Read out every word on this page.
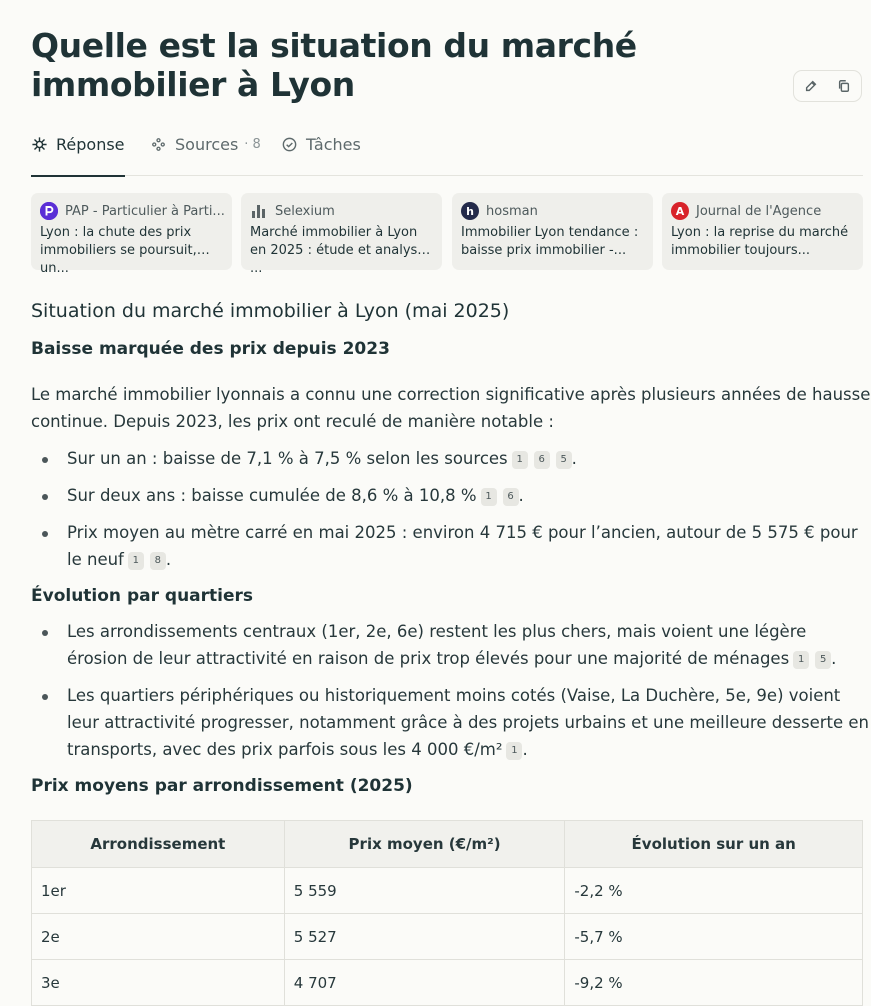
Quelle est la situation du marché immobilier à Lyon
Réponse	Sources · 8	Tâches
PAP - Particulier à Parti...
Lyon : la chute des prix immobiliers se poursuit, un...
Selexium
Marché immobilier à Lyon en 2025 : étude et analyse ...
h hosman
Immobilier Lyon tendance : baisse prix immobilier -...
A Journal de l'Agence
Lyon : la reprise du marché immobilier toujours...
Situation du marché immobilier à Lyon (mai 2025)
Baisse marquée des prix depuis 2023

Le marché immobilier lyonnais a connu une correction significative après plusieurs années de hausse continue. Depuis 2023, les prix ont reculé de manière notable :

Sur un an : baisse de 7,1 % à 7,5 % selon les sources 1 6 5 .
Sur deux ans : baisse cumulée de 8,6 % à 10,8 % 1 6 .
Prix moyen au mètre carré en mai 2025 : environ 4 715 € pour l’ancien, autour de 5 575 € pour le neuf 1 8 .
Évolution par quartiers
Les arrondissements centraux (1er, 2e, 6e) restent les plus chers, mais voient une légère érosion de leur attractivité en raison de prix trop élevés pour une majorité de ménages 1 5 .
Les quartiers périphériques ou historiquement moins cotés (Vaise, La Duchère, 5e, 9e) voient leur attractivité progresser, notamment grâce à des projets urbains et une meilleure desserte en transports, avec des prix parfois sous les 4 000 €/m² 1 .
Prix moyens par arrondissement (2025)
Arrondissement	Prix moyen (€/m²)	Évolution sur un an
1er	5 559	-2,2 %
2e	5 527	-5,7 %
3e	4 707	-9,2 %
